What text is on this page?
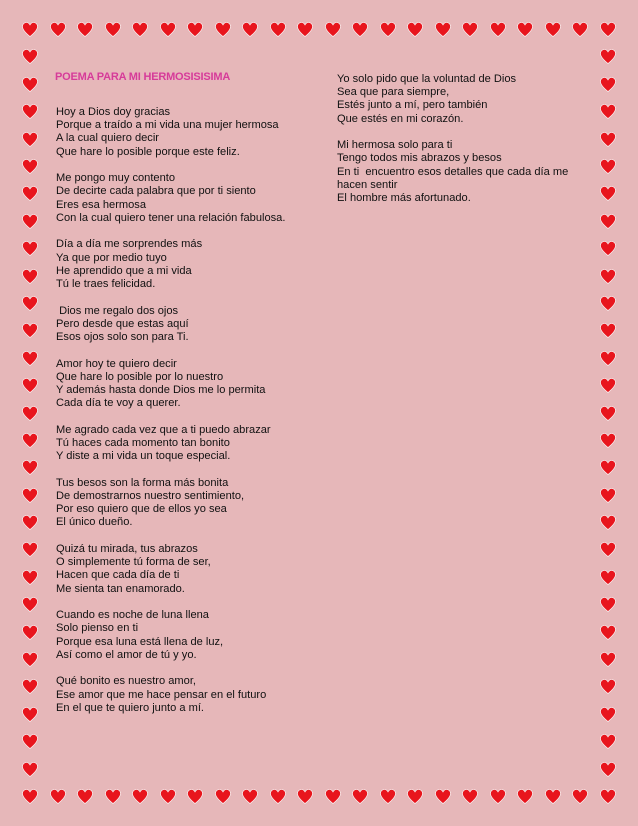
POEMA PARA MI HERMOSISISIMA
Hoy a Dios doy gracias
Porque a traído a mi vida una mujer hermosa
A la cual quiero decir
Que hare lo posible porque este feliz.
Me pongo muy contento
De decirte cada palabra que por ti siento
Eres esa hermosa
Con la cual quiero tener una relación fabulosa.
Día a día me sorprendes más
Ya que por medio tuyo
He aprendido que a mi vida
Tú le traes felicidad.
Dios me regalo dos ojos
Pero desde que estas aquí
Esos ojos solo son para Ti.
Amor hoy te quiero decir
Que hare lo posible por lo nuestro
Y además hasta donde Dios me lo permita
Cada día te voy a querer.
Me agrado cada vez que a ti puedo abrazar
Tú haces cada momento tan bonito
Y diste a mi vida un toque especial.
Tus besos son la forma más bonita
De demostrarnos nuestro sentimiento,
Por eso quiero que de ellos yo sea
El único dueño.
Quizá tu mirada, tus abrazos
O simplemente tú forma de ser,
Hacen que cada día de ti
Me sienta tan enamorado.
Cuando es noche de luna llena
Solo pienso en ti
Porque esa luna está llena de luz,
Así como el amor de tú y yo.
Qué bonito es nuestro amor,
Ese amor que me hace pensar en el futuro
En el que te quiero junto a mí.
Yo solo pido que la voluntad de Dios
Sea que para siempre,
Estés junto a mí, pero también
Que estés en mi corazón.
Mi hermosa solo para ti
Tengo todos mis abrazos y besos
En ti  encuentro esos detalles que cada día me
hacen sentir
El hombre más afortunado.
